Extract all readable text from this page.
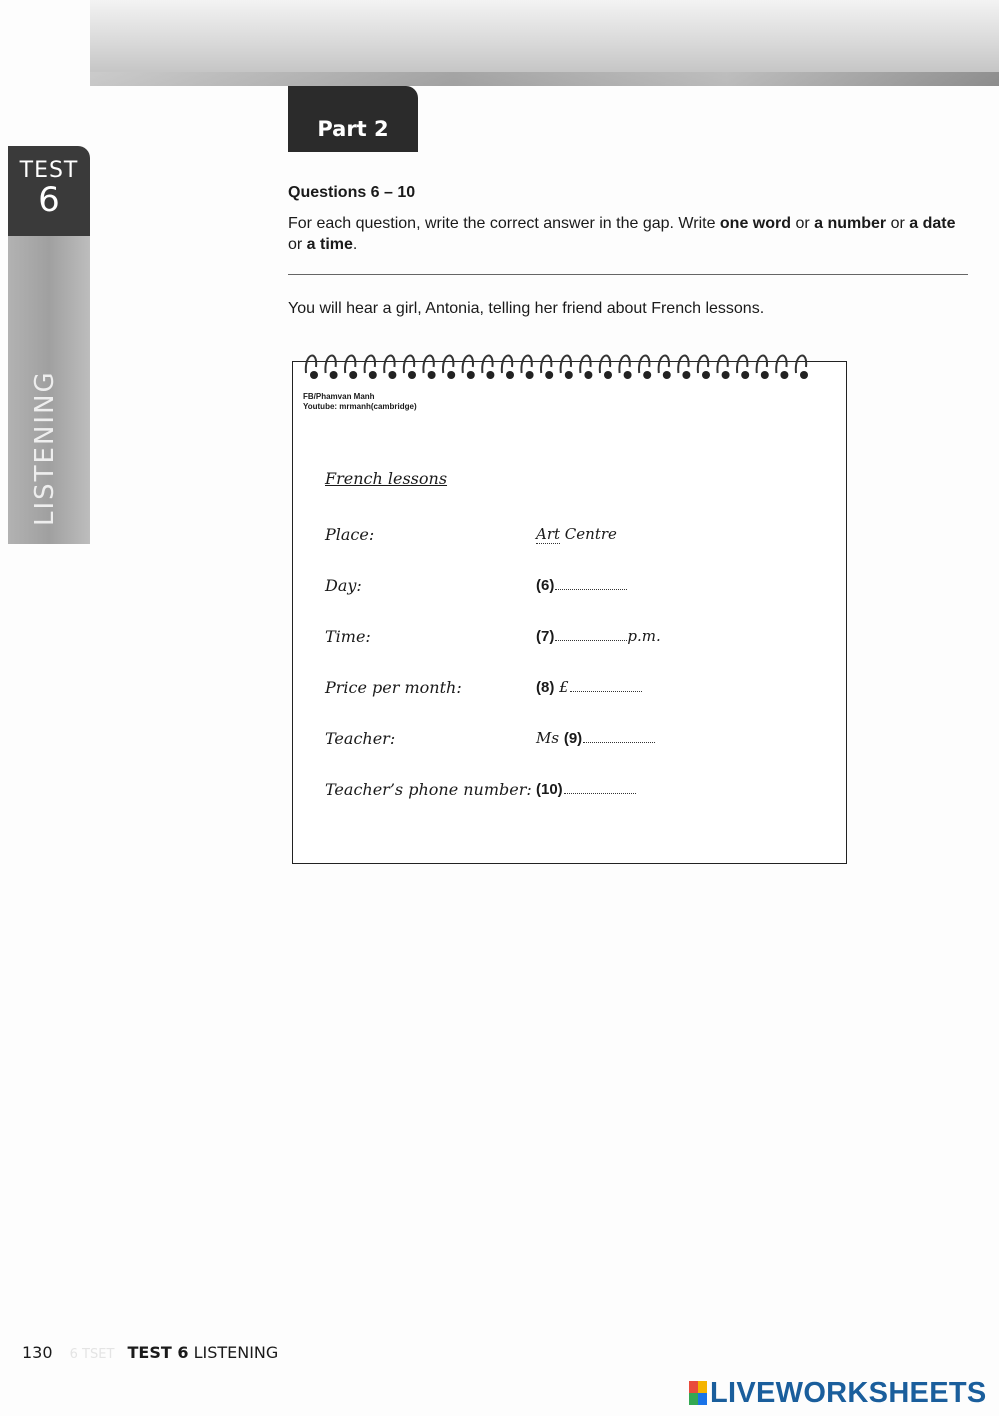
Part 2
TEST
6
LISTENING
Questions 6 – 10
For each question, write the correct answer in the gap. Write one word or a number or a date or a time.
You will hear a girl, Antonia, telling her friend about French lessons.
FB/Phamvan Manh
Youtube: mrmanh(cambridge)
French lessons
Place:	Art Centre
Day:	(6)
Time:	(7)	p.m.
Price per month:	(8) £
Teacher:	Ms (9)
Teacher’s phone number: (10)
130 6 TSET TEST 6 LISTENING
LIVEWORKSHEETS
